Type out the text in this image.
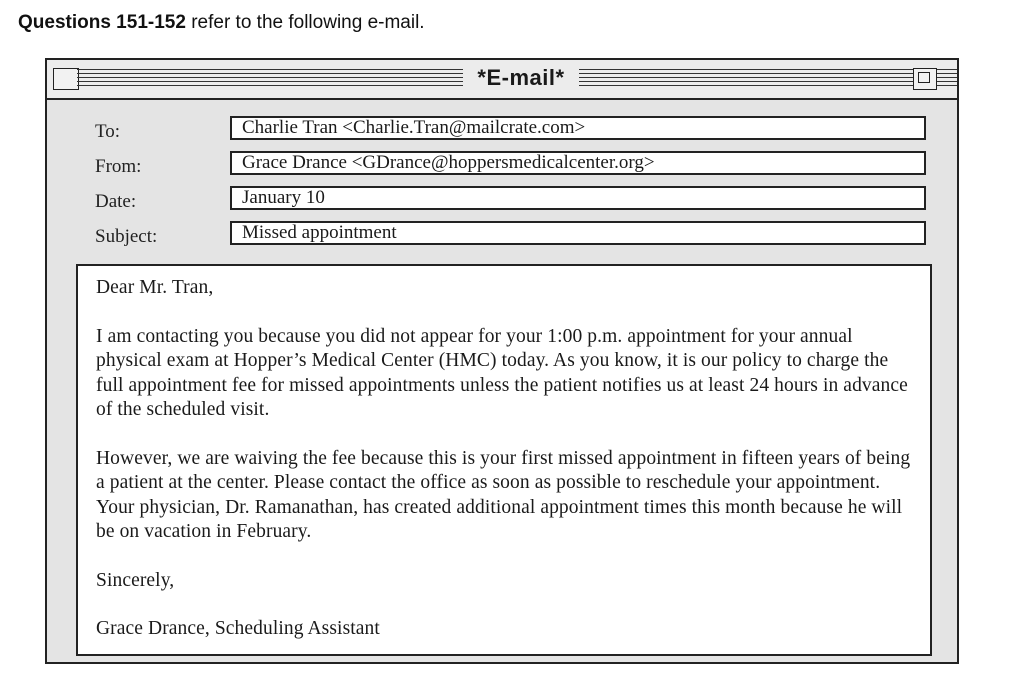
Questions 151-152 refer to the following e-mail.
*E-mail*
To:	Charlie Tran <Charlie.Tran@mailcrate.com>
From:	Grace Drance <GDrance@hoppersmedicalcenter.org>
Date:	January 10
Subject:	Missed appointment

Dear Mr. Tran,

I am contacting you because you did not appear for your 1:00 p.m. appointment for your annual physical exam at Hopper’s Medical Center (HMC) today. As you know, it is our policy to charge the full appointment fee for missed appointments unless the patient notifies us at least 24 hours in advance of the scheduled visit.

However, we are waiving the fee because this is your first missed appointment in fifteen years of being a patient at the center. Please contact the office as soon as possible to reschedule your appointment. Your physician, Dr. Ramanathan, has created additional appointment times this month because he will be on vacation in February.

Sincerely,

Grace Drance, Scheduling Assistant
